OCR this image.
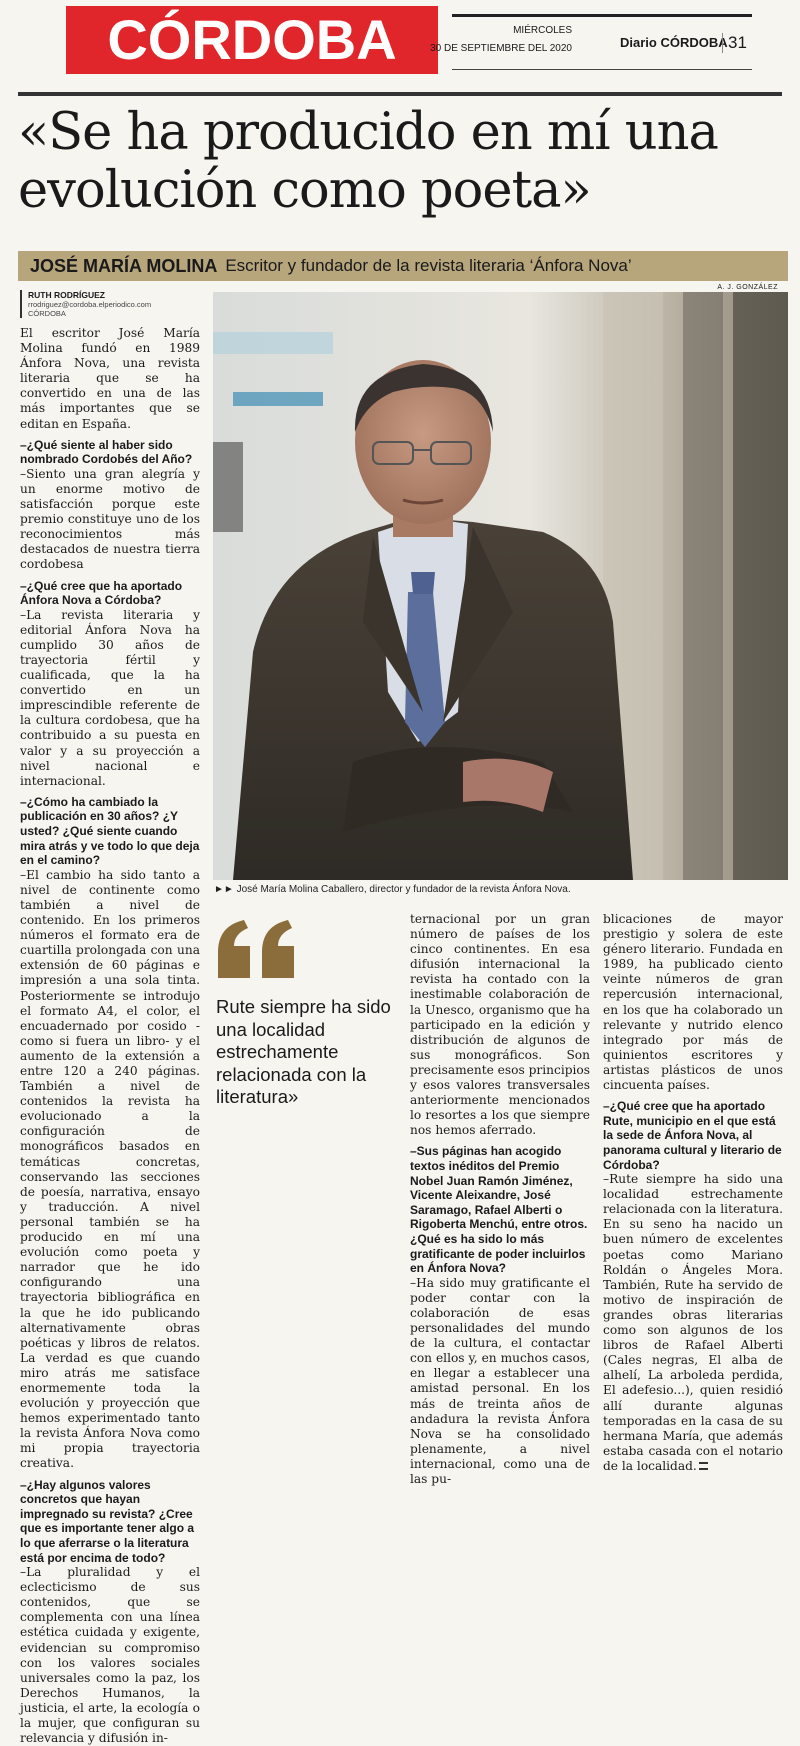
CÓRDOBA	MIÉRCOLES
30 DE SEPTIEMBRE DEL 2020	Diario CÓRDOBA 31
«Se ha producido en mí una evolución como poeta»
JOSÉ MARÍA MOLINA Escritor y fundador de la revista literaria ‘Ánfora Nova’
A. J. GONZÁLEZ
RUTH RODRÍGUEZ
rrodriguez@cordoba.elperiodico.com
CÓRDOBA

El escritor José María Molina fundó en 1989 Ánfora Nova, una revista literaria que se ha convertido en una de las más importantes que se editan en España.

–¿Qué siente al haber sido nombrado Cordobés del Año?

–Siento una gran alegría y un enorme motivo de satisfacción porque este premio constituye uno de los reconocimientos más destacados de nuestra tierra cordobesa

–¿Qué cree que ha aportado Ánfora Nova a Córdoba?

–La revista literaria y editorial Ánfora Nova ha cumplido 30 años de trayectoria fértil y cualificada, que la ha convertido en un imprescindible referente de la cultura cordobesa, que ha contribuido a su puesta en valor y a su proyección a nivel nacional e internacional.

–¿Cómo ha cambiado la publicación en 30 años? ¿Y usted? ¿Qué siente cuando mira atrás y ve todo lo que deja en el camino?

–El cambio ha sido tanto a nivel de continente como también a nivel de contenido. En los primeros números el formato era de cuartilla prolongada con una extensión de 60 páginas e impresión a una sola tinta. Posteriormente se introdujo el formato A4, el color, el encuadernado por cosido -como si fuera un libro- y el aumento de la extensión a entre 120 a 240 páginas. También a nivel de contenidos la revista ha evolucionado a la configuración de monográficos basados en temáticas concretas, conservando las secciones de poesía, narrativa, ensayo y traducción. A nivel personal también se ha producido en mí una evolución como poeta y narrador que he ido configurando una trayectoria bibliográfica en la que he ido publicando alternativamente obras poéticas y libros de relatos. La verdad es que cuando miro atrás me satisface enormemente toda la evolución y proyección que hemos experimentado tanto la revista Ánfora Nova como mi propia trayectoria creativa.

–¿Hay algunos valores concretos que hayan impregnado su revista? ¿Cree que es importante tener algo a lo que aferrarse o la literatura está por encima de todo?

–La pluralidad y el eclecticismo de sus contenidos, que se complementa con una línea estética cuidada y exigente, evidencian su compromiso con los valores sociales universales como la paz, los Derechos Humanos, la justicia, el arte, la ecología o la mujer, que configuran su relevancia y difusión in-

►► José María Molina Caballero, director y fundador de la revista Ánfora Nova.
Rute siempre ha sido una localidad estrechamente relacionada con la literatura»

ternacional por un gran número de países de los cinco continentes. En esa difusión internacional la revista ha contado con la inestimable colaboración de la Unesco, organismo que ha participado en la edición y distribución de algunos de sus monográficos. Son precisamente esos principios y esos valores transversales anteriormente mencionados lo resortes a los que siempre nos hemos aferrado.

–Sus páginas han acogido textos inéditos del Premio Nobel Juan Ramón Jiménez, Vicente Aleixandre, José Saramago, Rafael Alberti o Rigoberta Menchú, entre otros. ¿Qué es ha sido lo más gratificante de poder incluirlos en Ánfora Nova?

–Ha sido muy gratificante el poder contar con la colaboración de esas personalidades del mundo de la cultura, el contactar con ellos y, en muchos casos, en llegar a establecer una amistad personal. En los más de treinta años de andadura la revista Ánfora Nova se ha consolidado plenamente, a nivel internacional, como una de las pu-

blicaciones de mayor prestigio y solera de este género literario. Fundada en 1989, ha publicado ciento veinte números de gran repercusión internacional, en los que ha colaborado un relevante y nutrido elenco integrado por más de quinientos escritores y artistas plásticos de unos cincuenta países.

–¿Qué cree que ha aportado Rute, municipio en el que está la sede de Ánfora Nova, al panorama cultural y literario de Córdoba?

–Rute siempre ha sido una localidad estrechamente relacionada con la literatura. En su seno ha nacido un buen número de excelentes poetas como Mariano Roldán o Ángeles Mora. También, Rute ha servido de motivo de inspiración de grandes obras literarias como son algunos de los libros de Rafael Alberti (Cales negras, El alba de alhelí, La arboleda perdida, El adefesio...), quien residió allí durante algunas temporadas en la casa de su hermana María, que además estaba casada con el notario de la localidad.
